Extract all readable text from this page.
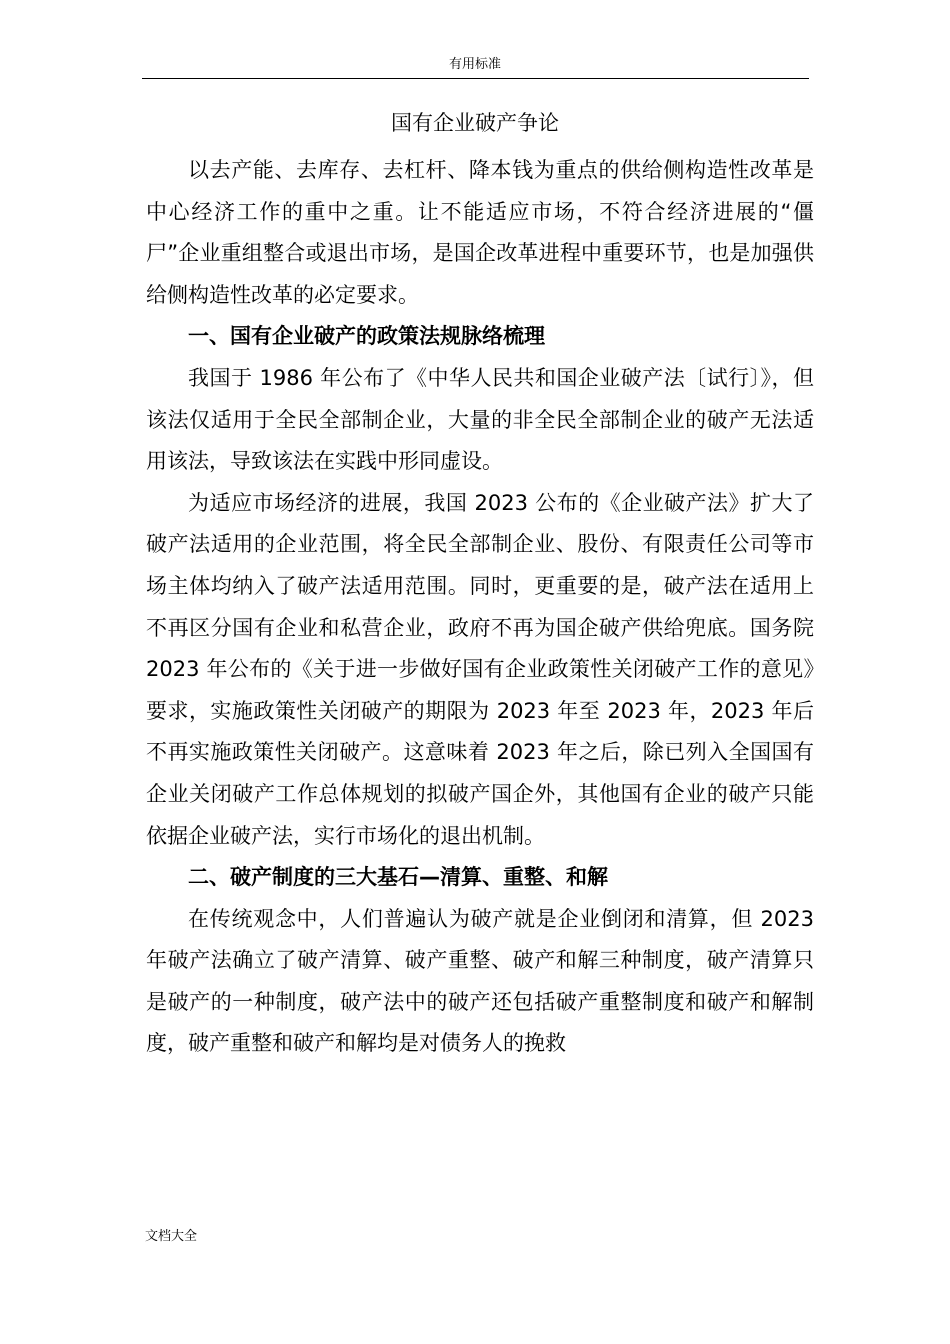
有用标准
国有企业破产争论

以去产能、去库存、去杠杆、降本钱为重点的供给侧构造性改革是中心经济工作的重中之重。让不能适应市场，不符合经济进展的“僵尸”企业重组整合或退出市场，是国企改革进程中重要环节，也是加强供给侧构造性改革的必定要求。

一、国有企业破产的政策法规脉络梳理

我国于 1986 年公布了《中华人民共和国企业破产法〔试行〕》，但该法仅适用于全民全部制企业，大量的非全民全部制企业的破产无法适用该法，导致该法在实践中形同虚设。

为适应市场经济的进展，我国 2023 公布的《企业破产法》扩大了破产法适用的企业范围，将全民全部制企业、股份、有限责任公司等市场主体均纳入了破产法适用范围。同时，更重要的是，破产法在适用上不再区分国有企业和私营企业，政府不再为国企破产供给兜底。国务院 2023 年公布的《关于进一步做好国有企业政策性关闭破产工作的意见》要求，实施政策性关闭破产的期限为 2023 年至 2023 年，2023 年后不再实施政策性关闭破产。这意味着 2023 年之后，除已列入全国国有企业关闭破产工作总体规划的拟破产国企外，其他国有企业的破产只能依据企业破产法，实行市场化的退出机制。

二、破产制度的三大基石—清算、重整、和解

在传统观念中，人们普遍认为破产就是企业倒闭和清算，但 2023 年破产法确立了破产清算、破产重整、破产和解三种制度，破产清算只是破产的一种制度，破产法中的破产还包括破产重整制度和破产和解制度，破产重整和破产和解均是对债务人的挽救

文档大全
